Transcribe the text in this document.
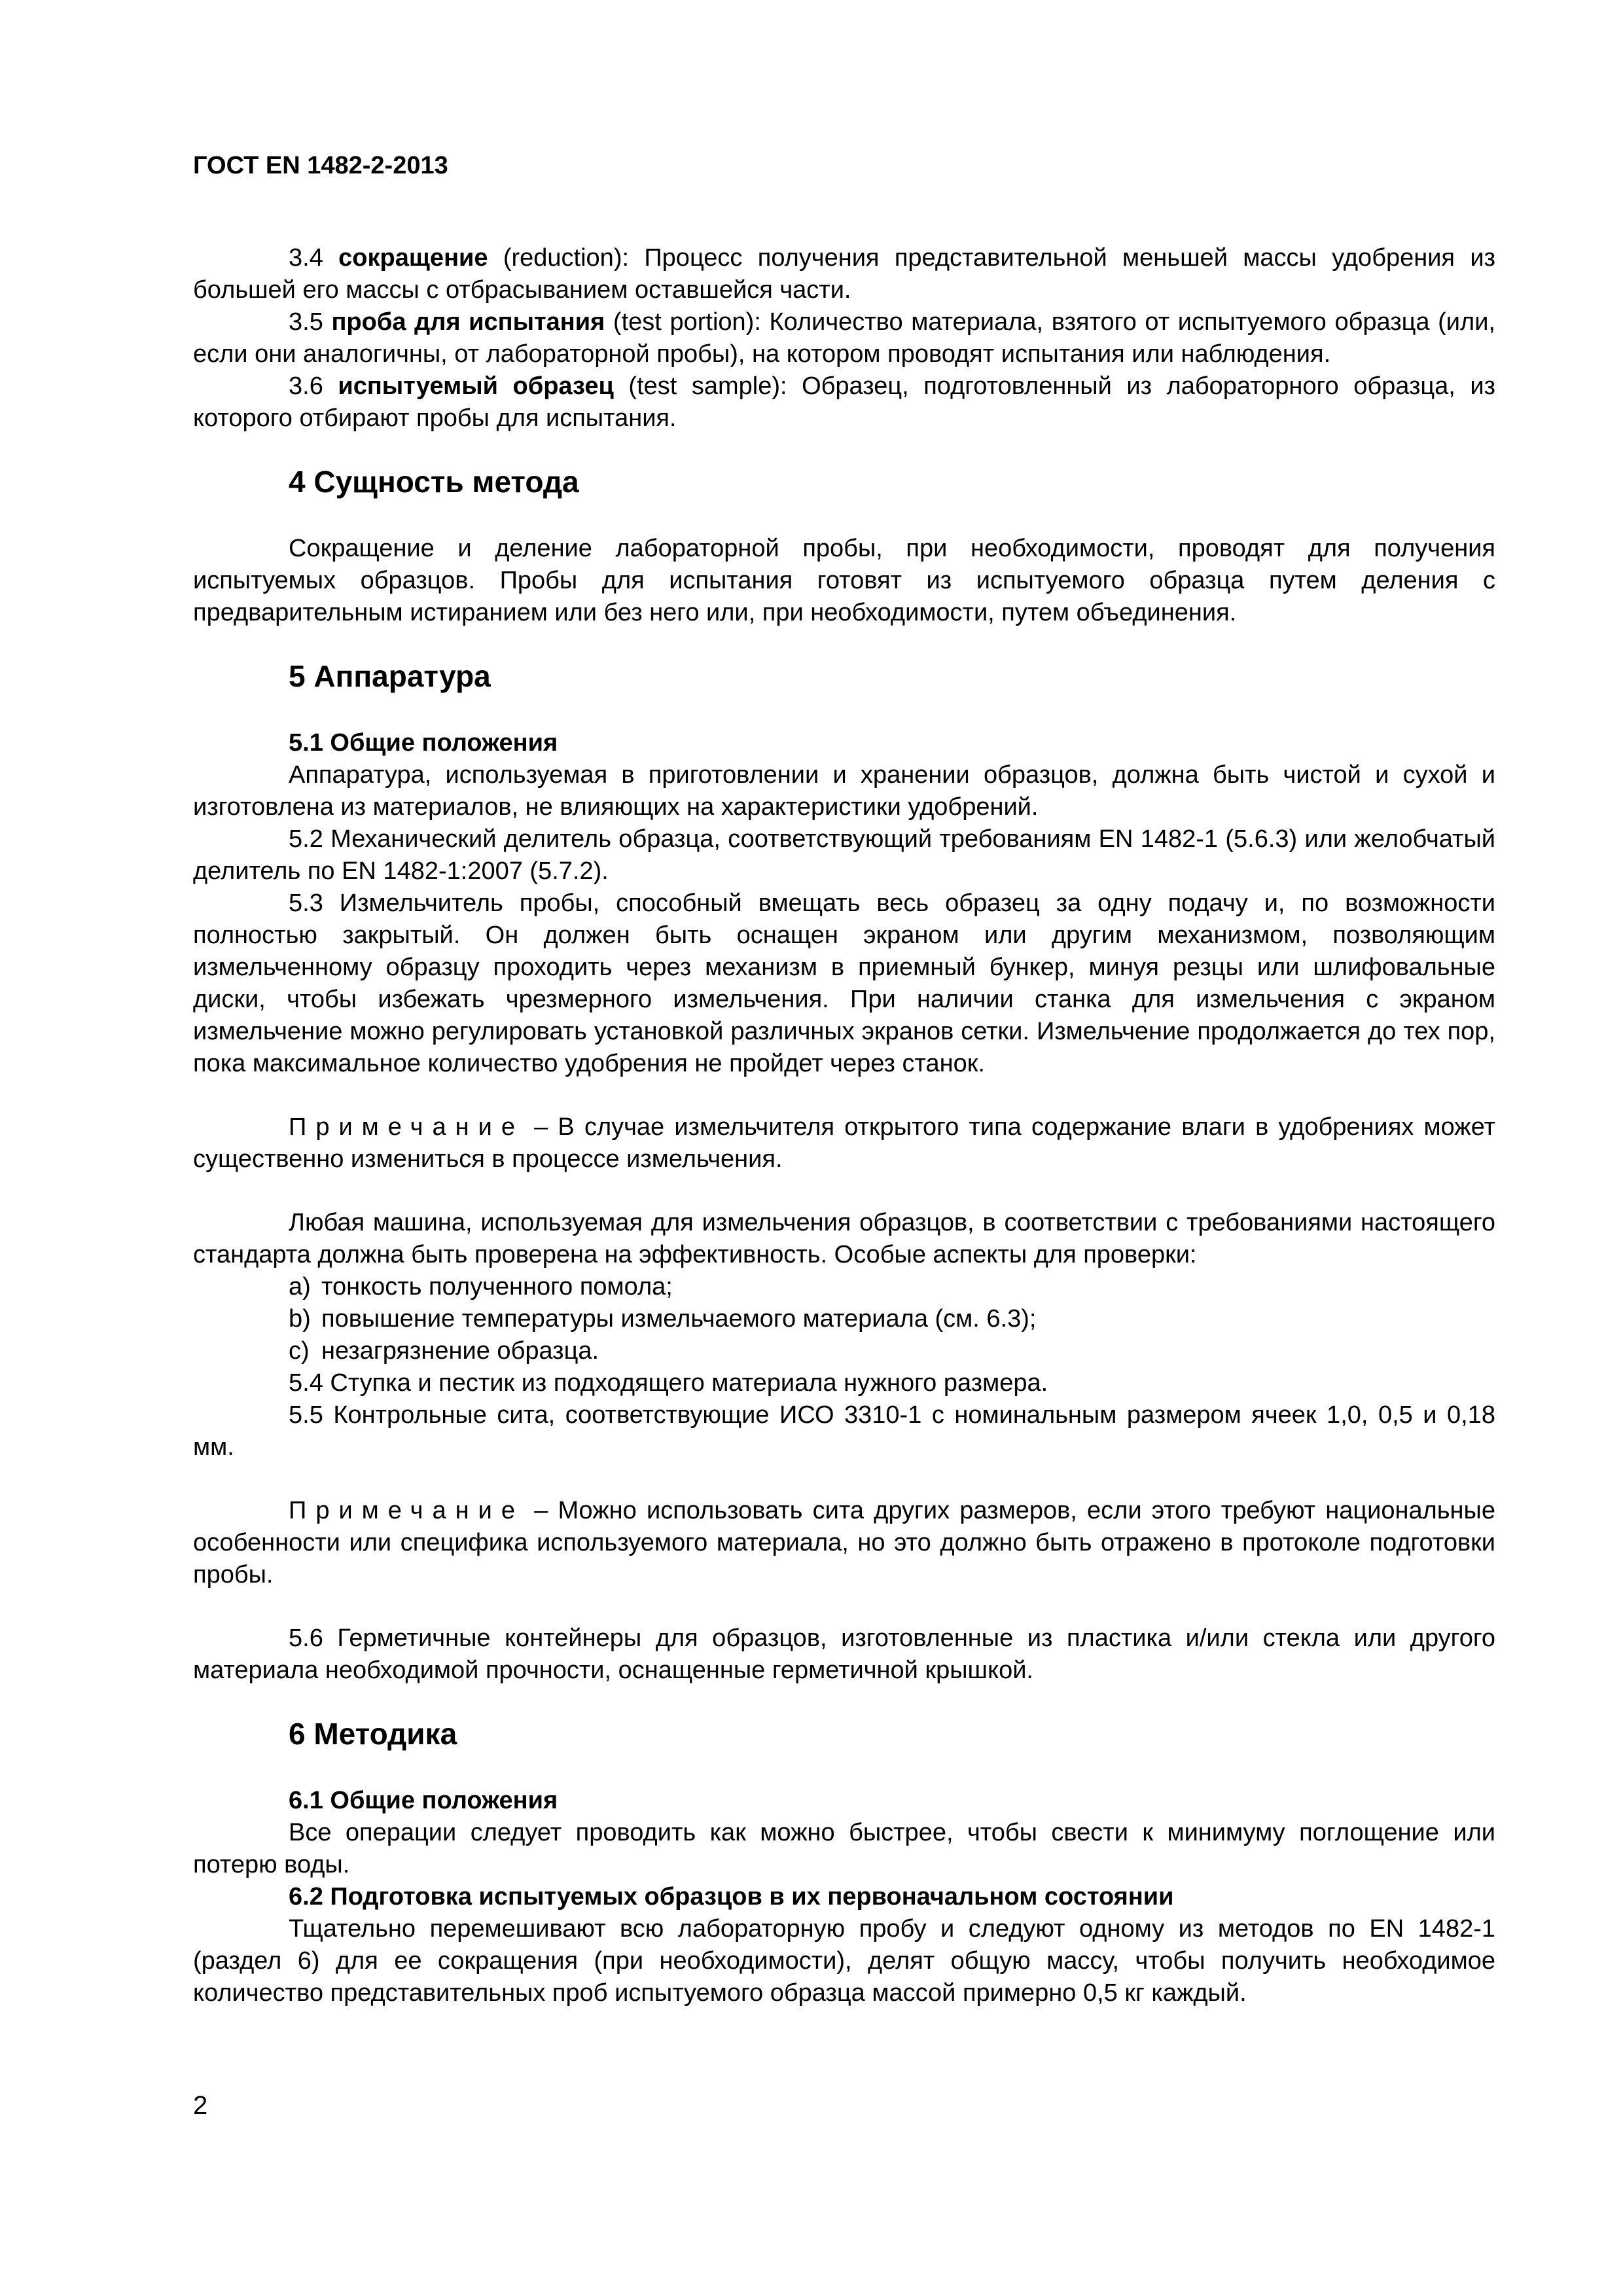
ГОСТ EN 1482-2-2013

3.4 сокращение (reduction): Процесс получения представительной меньшей массы удобрения из большей его массы с отбрасыванием оставшейся части.

3.5 проба для испытания (test portion): Количество материала, взятого от испытуемого образца (или, если они аналогичны, от лабораторной пробы), на котором проводят испытания или наблюдения.

3.6 испытуемый образец (test sample): Образец, подготовленный из лабораторного образца, из которого отбирают пробы для испытания.

4 Сущность метода

Сокращение и деление лабораторной пробы, при необходимости, проводят для получения испытуемых образцов. Пробы для испытания готовят из испытуемого образца путем деления с предварительным истиранием или без него или, при необходимости, путем объединения.

5 Аппаратура
5.1 Общие положения

Аппаратура, используемая в приготовлении и хранении образцов, должна быть чистой и сухой и изготовлена из материалов, не влияющих на характеристики удобрений.

5.2 Механический делитель образца, соответствующий требованиям EN 1482-1 (5.6.3) или желобчатый делитель по EN 1482-1:2007 (5.7.2).

5.3 Измельчитель пробы, способный вмещать весь образец за одну подачу и, по возможности полностью закрытый. Он должен быть оснащен экраном или другим механизмом, позволяющим измельченному образцу проходить через механизм в приемный бункер, минуя резцы или шлифовальные диски, чтобы избежать чрезмерного измельчения. При наличии станка для измельчения с экраном измельчение можно регулировать установкой различных экранов сетки. Измельчение продолжается до тех пор, пока максимальное количество удобрения не пройдет через станок.

Примечание – В случае измельчителя открытого типа содержание влаги в удобрениях может существенно измениться в процессе измельчения.

Любая машина, используемая для измельчения образцов, в соответствии с требованиями настоящего стандарта должна быть проверена на эффективность. Особые аспекты для проверки:

a) тонкость полученного помола;
b) повышение температуры измельчаемого материала (см. 6.3);
c) незагрязнение образца.

5.4 Ступка и пестик из подходящего материала нужного размера.

5.5 Контрольные сита, соответствующие ИСО 3310-1 с номинальным размером ячеек 1,0, 0,5 и 0,18 мм.

Примечание – Можно использовать сита других размеров, если этого требуют национальные особенности или специфика используемого материала, но это должно быть отражено в протоколе подготовки пробы.

5.6 Герметичные контейнеры для образцов, изготовленные из пластика и/или стекла или другого материала необходимой прочности, оснащенные герметичной крышкой.

6 Методика
6.1 Общие положения

Все операции следует проводить как можно быстрее, чтобы свести к минимуму поглощение или потерю воды.

6.2 Подготовка испытуемых образцов в их первоначальном состоянии

Тщательно перемешивают всю лабораторную пробу и следуют одному из методов по EN 1482-1 (раздел 6) для ее сокращения (при необходимости), делят общую массу, чтобы получить необходимое количество представительных проб испытуемого образца массой примерно 0,5 кг каждый.

2
